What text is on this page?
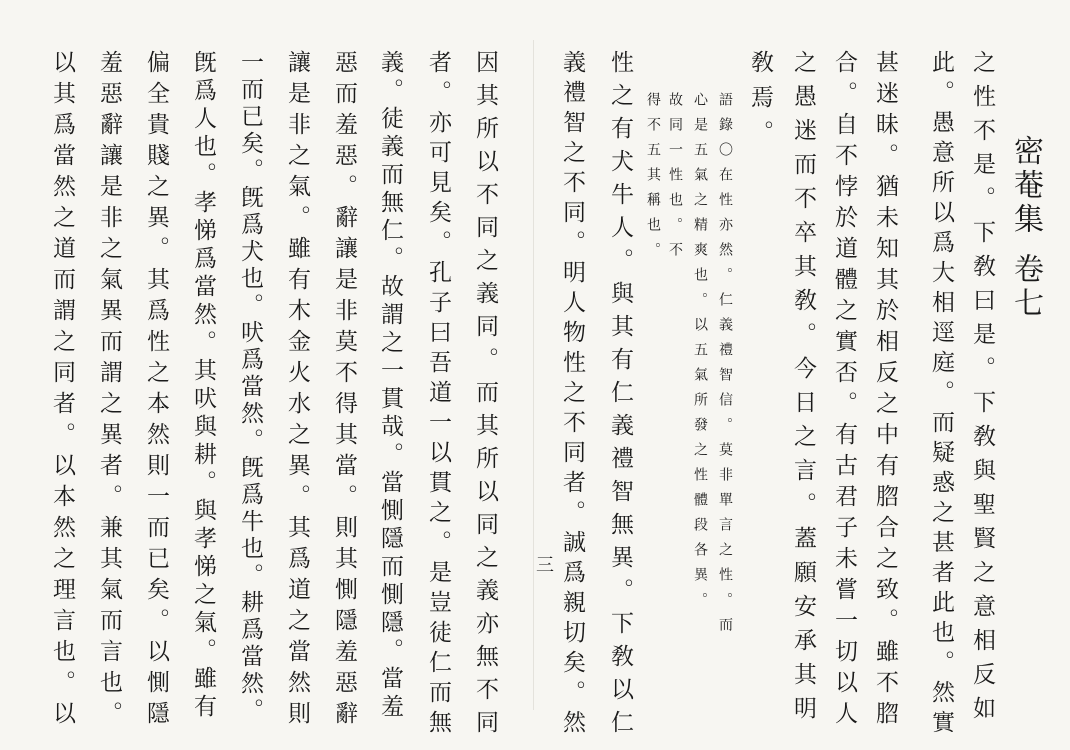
密菴集卷七
之性不是。下敎曰是。下敎與聖賢之意相反如
此。愚意所以爲大相逕庭。而疑惑之甚者此也。然實
甚迷昧。猶未知其於相反之中有脗合之致。雖不脗
合。自不悖於道體之實否。有古君子未嘗一切以人
之愚迷而不卒其敎。今日之言。蓋願安承其明
敎焉。
語錄〇在性亦然。仁義禮智信。莫非單言之性。而
心是五氣之精爽也。以五氣所發之性體段各異。
故同一性也。不
得不五其稱也。
性之有犬牛人。與其有仁義禮智無異。下敎以仁
義禮智之不同。明人物性之不同者。誠爲親切矣。然
三
因其所以不同之義同。而其所以同之義亦無不同
者。亦可見矣。孔子曰吾道一以貫之。是豈徒仁而無
義。徒義而無仁。故謂之一貫哉。當惻隱而惻隱。當羞
惡而羞惡。辭讓是非莫不得其當。則其惻隱羞惡辭
讓是非之氣。雖有木金火水之異。其爲道之當然則
一而已矣。旣爲犬也。吠爲當然。旣爲牛也。耕爲當然。
旣爲人也。孝悌爲當然。其吠與耕。與孝悌之氣。雖有
偏全貴賤之異。其爲性之本然則一而已矣。以惻隱
羞惡辭讓是非之氣異而謂之異者。兼其氣而言也。
以其爲當然之道而謂之同者。以本然之理言也。以
